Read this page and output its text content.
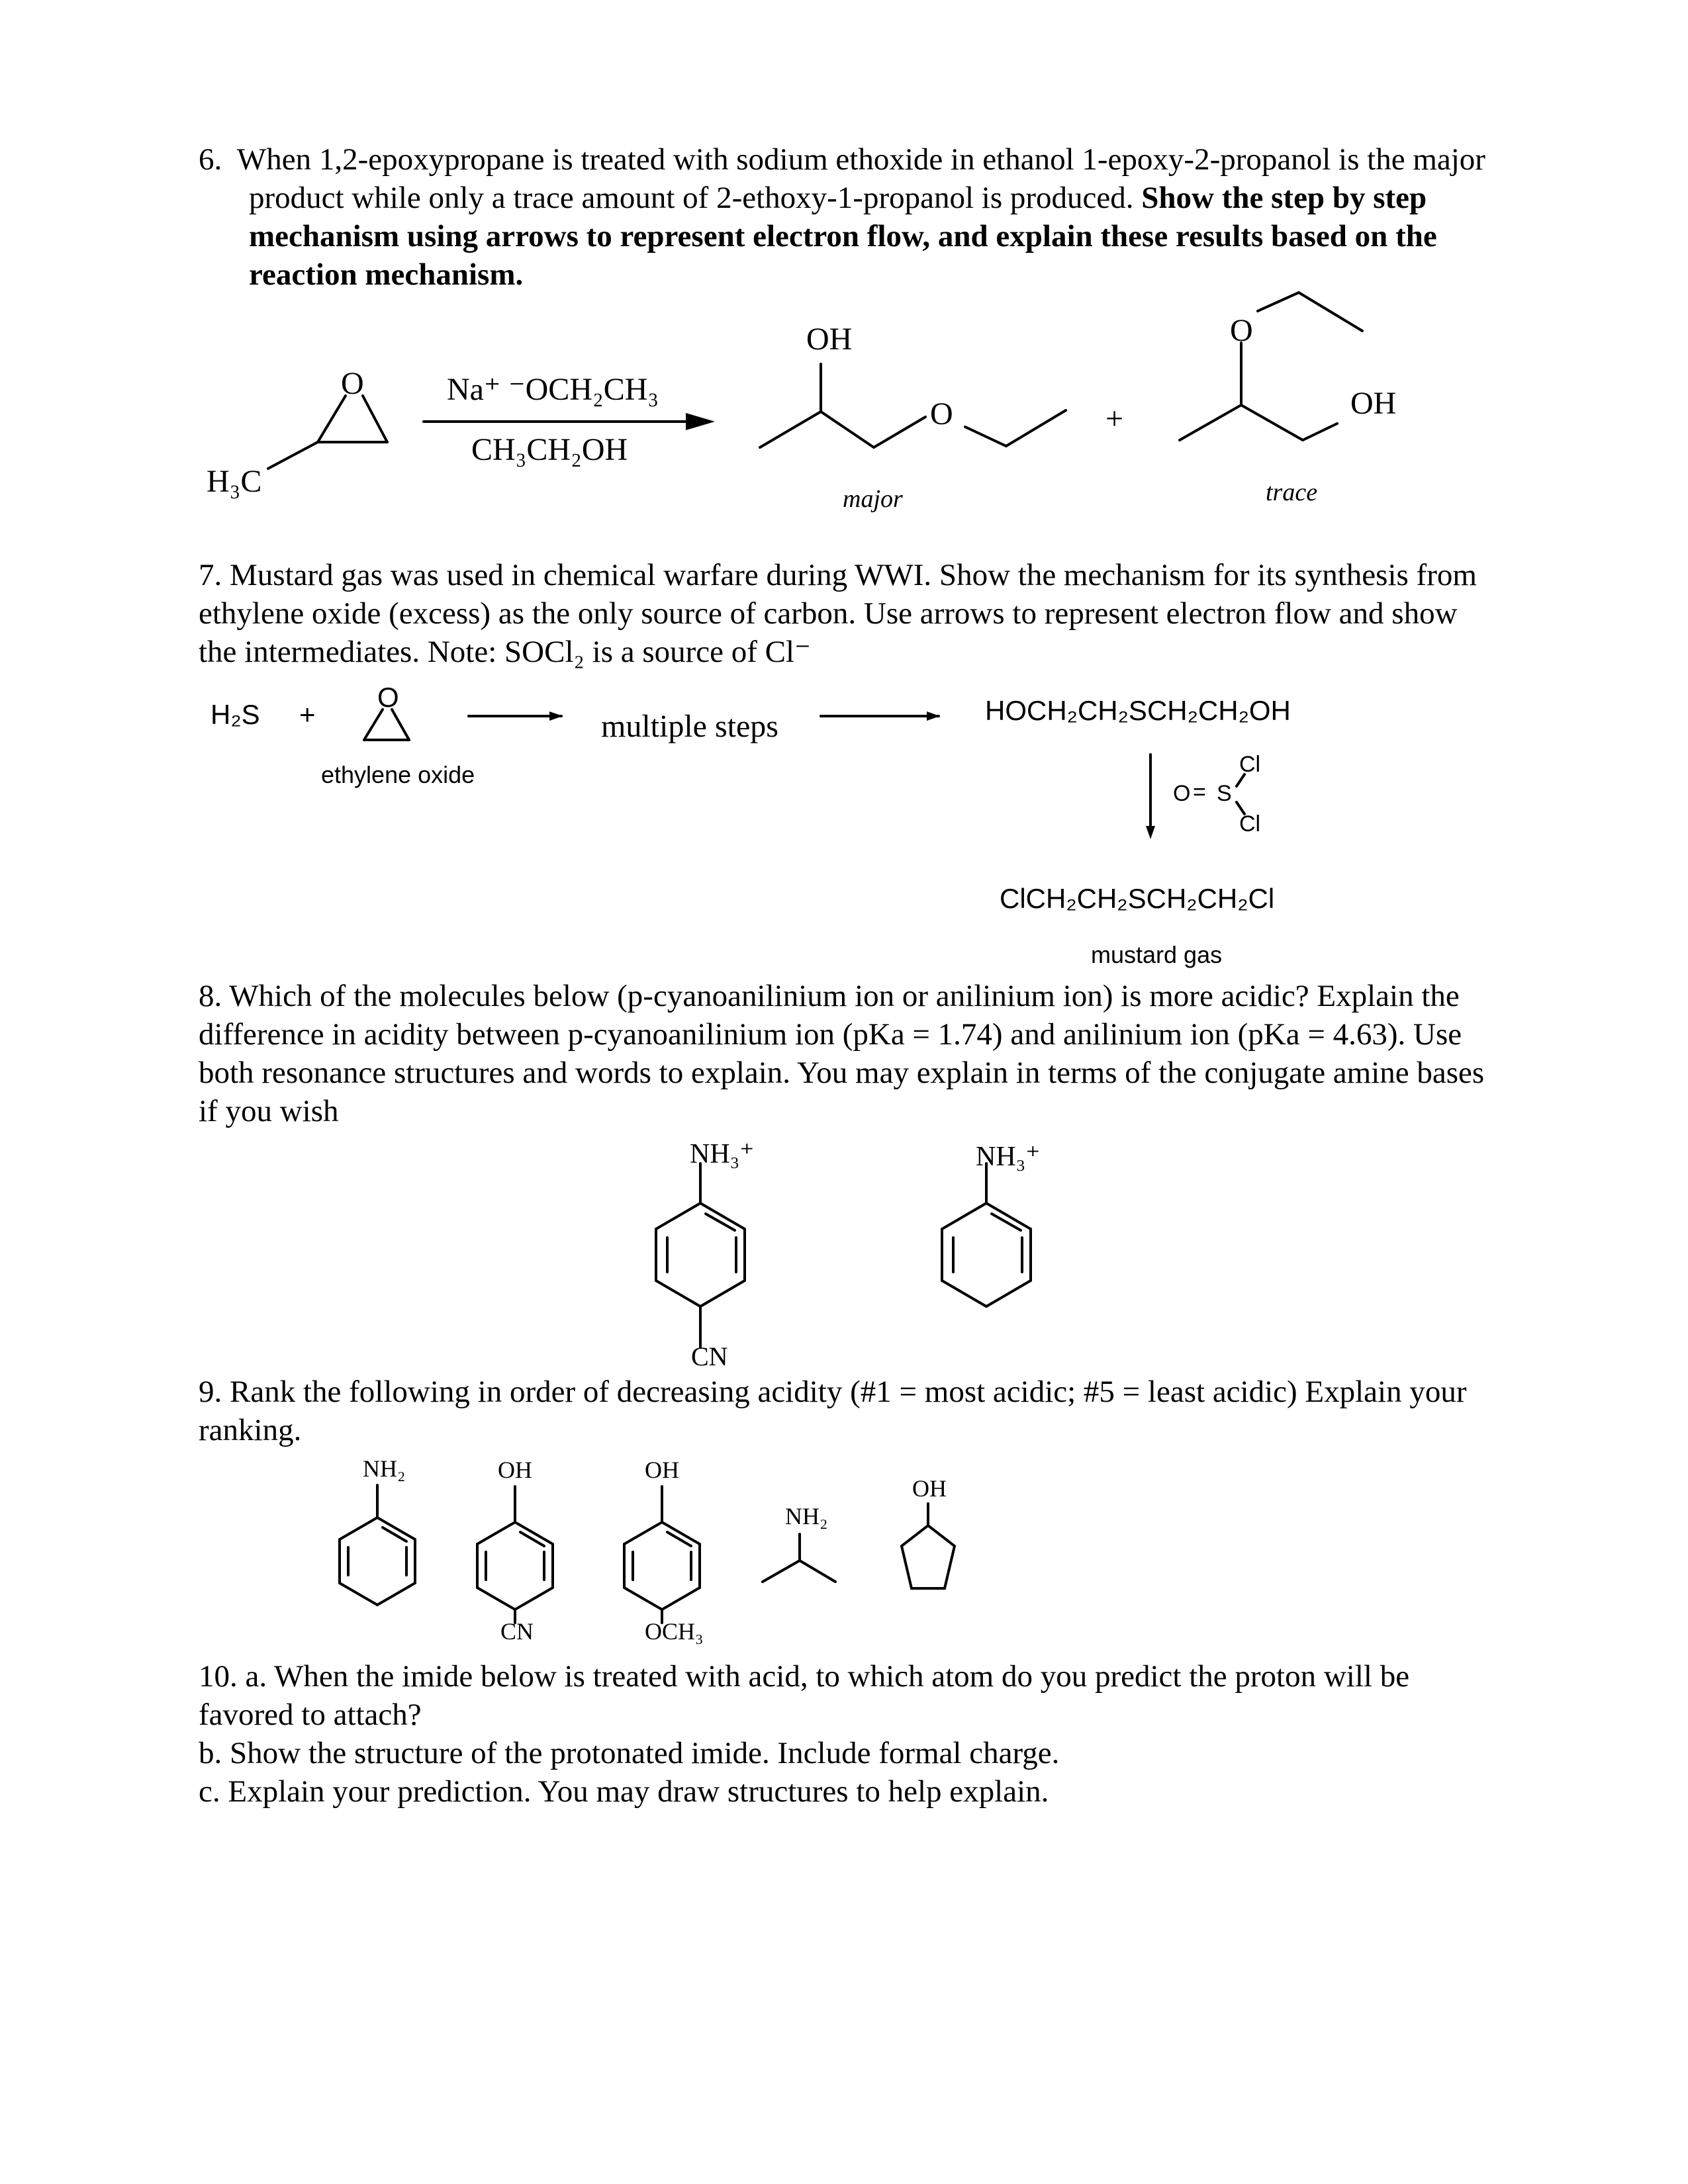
6. When 1,2-epoxypropane is treated with sodium ethoxide in ethanol 1-epoxy-2-propanol is the major product while only a trace amount of 2-ethoxy-1-propanol is produced. Show the step by step mechanism using arrows to represent electron flow, and explain these results based on the reaction mechanism.
O
H₃C
Na⁺ ⁻OCH₂CH₃
CH₃CH₂OH
OH
O	+
O
OH
major	trace

7. Mustard gas was used in chemical warfare during WWI. Show the mechanism for its synthesis from ethylene oxide (excess) as the only source of carbon. Use arrows to represent electron flow and show the intermediates. Note: SOCl₂ is a source of Cl⁻

H₂S +
O
ethylene oxide
multiple steps	HOCH₂CH₂SCH₂CH₂OH
O = S
Cl
Cl
ClCH₂CH₂SCH₂CH₂Cl
mustard gas

8. Which of the molecules below (p-cyanoanilinium ion or anilinium ion) is more acidic? Explain the difference in acidity between p-cyanoanilinium ion (pKa = 1.74) and anilinium ion (pKa = 4.63). Use both resonance structures and words to explain. You may explain in terms of the conjugate amine bases if you wish

NH₃⁺	NH₃⁺
CN

9. Rank the following in order of decreasing acidity (#1 = most acidic; #5 = least acidic) Explain your ranking.

NH₂	OH
CN
OH
OCH₃
NH₂
OH

10. a. When the imide below is treated with acid, to which atom do you predict the proton will be favored to attach?

b. Show the structure of the protonated imide. Include formal charge.

c. Explain your prediction. You may draw structures to help explain.
